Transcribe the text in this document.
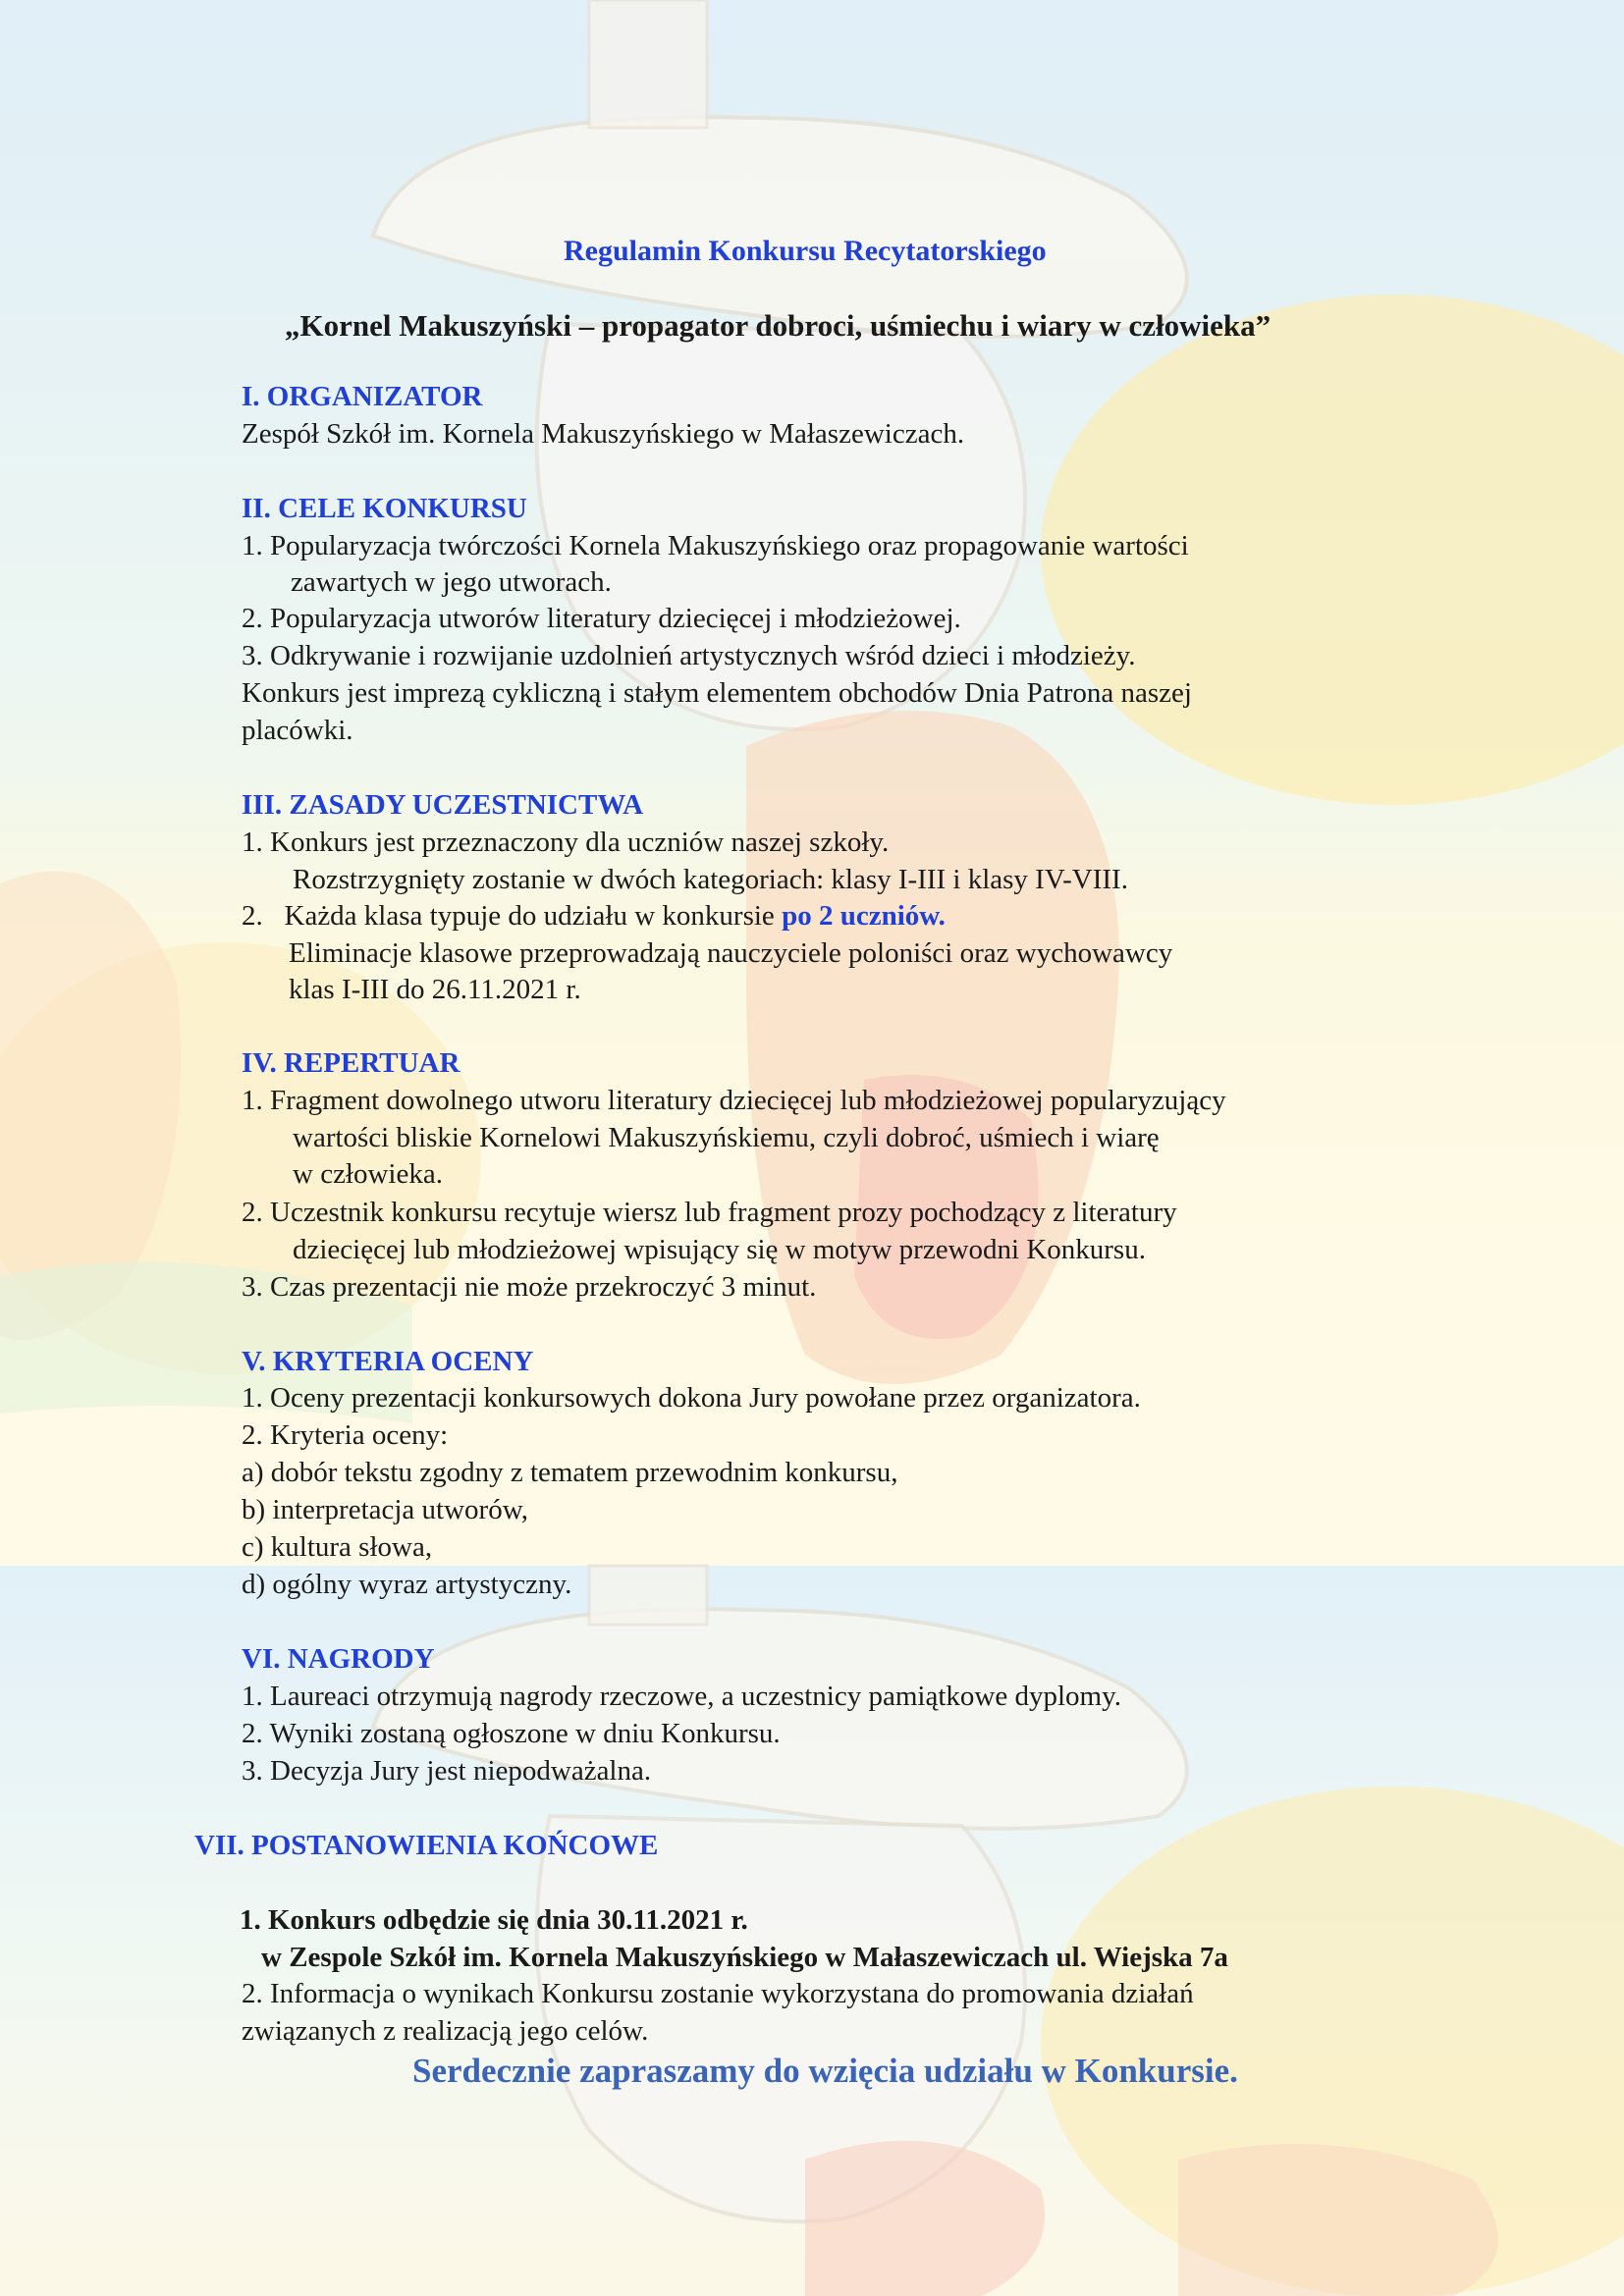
Regulamin Konkursu Recytatorskiego
„Kornel Makuszyński – propagator dobroci, uśmiechu i wiary w człowieka”
I. ORGANIZATOR
Zespół Szkół im. Kornela Makuszyńskiego w Małaszewiczach.
II. CELE KONKURSU
1. Popularyzacja twórczości Kornela Makuszyńskiego oraz propagowanie wartości
zawartych w jego utworach.
2. Popularyzacja utworów literatury dziecięcej i młodzieżowej.
3. Odkrywanie i rozwijanie uzdolnień artystycznych wśród dzieci i młodzieży.
Konkurs jest imprezą cykliczną i stałym elementem obchodów Dnia Patrona naszej
placówki.
III. ZASADY UCZESTNICTWA
1. Konkurs jest przeznaczony dla uczniów naszej szkoły.
Rozstrzygnięty zostanie w dwóch kategoriach: klasy I-III i klasy IV-VIII.
2.   Każda klasa typuje do udziału w konkursie po 2 uczniów.
Eliminacje klasowe przeprowadzają nauczyciele poloniści oraz wychowawcy
klas I-III do 26.11.2021 r.
IV. REPERTUAR
1. Fragment dowolnego utworu literatury dziecięcej lub młodzieżowej popularyzujący
wartości bliskie Kornelowi Makuszyńskiemu, czyli dobroć, uśmiech i wiarę
w człowieka.
2. Uczestnik konkursu recytuje wiersz lub fragment prozy pochodzący z literatury
dziecięcej lub młodzieżowej wpisujący się w motyw przewodni Konkursu.
3. Czas prezentacji nie może przekroczyć 3 minut.
V. KRYTERIA OCENY
1. Oceny prezentacji konkursowych dokona Jury powołane przez organizatora.
2. Kryteria oceny:
a) dobór tekstu zgodny z tematem przewodnim konkursu,
b) interpretacja utworów,
c) kultura słowa,
d) ogólny wyraz artystyczny.
VI. NAGRODY
1. Laureaci otrzymują nagrody rzeczowe, a uczestnicy pamiątkowe dyplomy.
2. Wyniki zostaną ogłoszone w dniu Konkursu.
3. Decyzja Jury jest niepodważalna.
VII. POSTANOWIENIA KOŃCOWE
1. Konkurs odbędzie się dnia 30.11.2021 r.
w Zespole Szkół im. Kornela Makuszyńskiego w Małaszewiczach ul. Wiejska 7a
2. Informacja o wynikach Konkursu zostanie wykorzystana do promowania działań
związanych z realizacją jego celów.
Serdecznie zapraszamy do wzięcia udziału w Konkursie.
